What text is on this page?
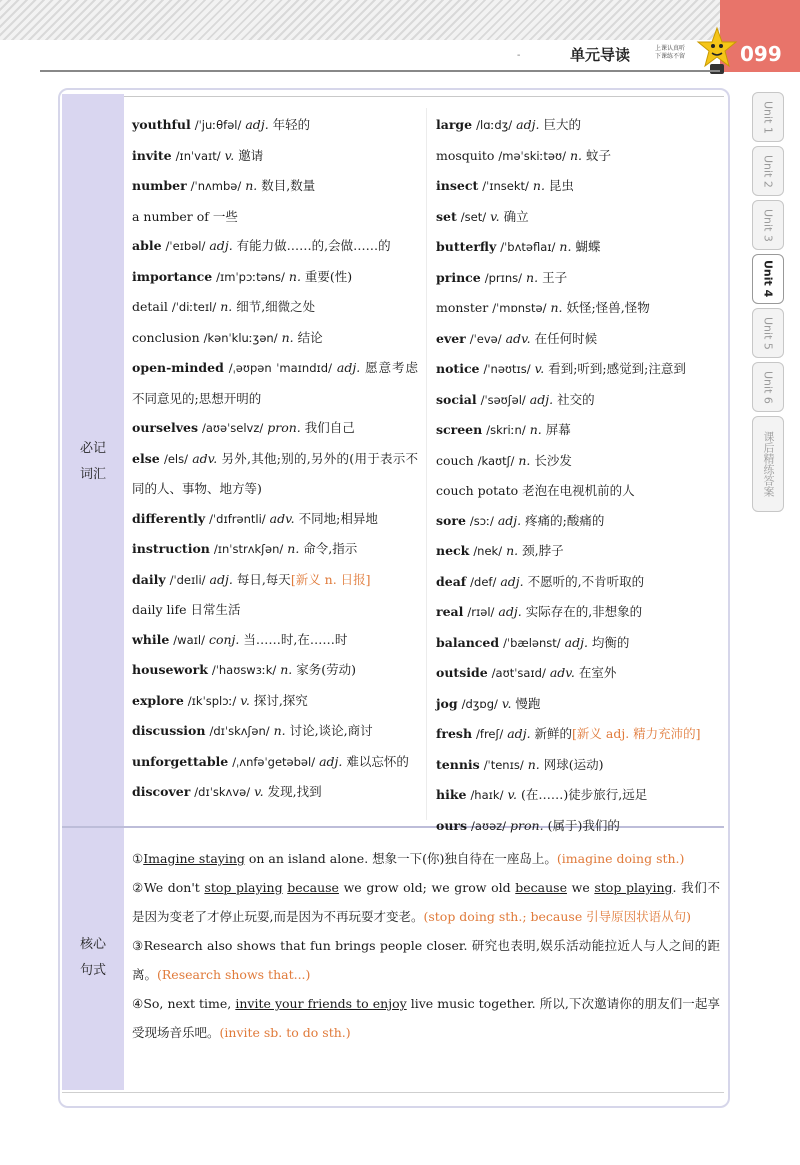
099
-	单元导读	上课认真听
下课练不留
Unit 1
Unit 2
Unit 3
Unit 4
Unit 5
Unit 6
课后精练答案
必记
词汇
核心
句式
youthful /ˈjuːθfəl/ adj. 年轻的
invite /ɪnˈvaɪt/ v. 邀请
number /ˈnʌmbə/ n. 数目,数量
a number of 一些
able /ˈeɪbəl/ adj. 有能力做……的,会做……的
importance /ɪmˈpɔːtəns/ n. 重要(性)
detail /ˈdiːteɪl/ n. 细节,细微之处
conclusion /kənˈkluːʒən/ n. 结论
open-minded /ˌəʊpən ˈmaɪndɪd/ adj. 愿意考虑不同意见的;思想开明的
ourselves /aʊəˈselvz/ pron. 我们自己
else /els/ adv. 另外,其他;别的,另外的(用于表示不同的人、事物、地方等)
differently /ˈdɪfrəntli/ adv. 不同地;相异地
instruction /ɪnˈstrʌkʃən/ n. 命令,指示
daily /ˈdeɪli/ adj. 每日,每天[新义 n. 日报]
daily life 日常生活
while /waɪl/ conj. 当……时,在……时
housework /ˈhaʊswɜːk/ n. 家务(劳动)
explore /ɪkˈsplɔː/ v. 探讨,探究
discussion /dɪˈskʌʃən/ n. 讨论,谈论,商讨
unforgettable /ˌʌnfəˈgetəbəl/ adj. 难以忘怀的
discover /dɪˈskʌvə/ v. 发现,找到
large /lɑːdʒ/ adj. 巨大的
mosquito /məˈskiːtəʊ/ n. 蚊子
insect /ˈɪnsekt/ n. 昆虫
set /set/ v. 确立
butterfly /ˈbʌtəflaɪ/ n. 蝴蝶
prince /prɪns/ n. 王子
monster /ˈmɒnstə/ n. 妖怪;怪兽,怪物
ever /ˈevə/ adv. 在任何时候
notice /ˈnəʊtɪs/ v. 看到;听到;感觉到;注意到
social /ˈsəʊʃəl/ adj. 社交的
screen /skriːn/ n. 屏幕
couch /kaʊtʃ/ n. 长沙发
couch potato 老泡在电视机前的人
sore /sɔː/ adj. 疼痛的;酸痛的
neck /nek/ n. 颈,脖子
deaf /def/ adj. 不愿听的,不肯听取的
real /rɪəl/ adj. 实际存在的,非想象的
balanced /ˈbælənst/ adj. 均衡的
outside /aʊtˈsaɪd/ adv. 在室外
jog /dʒɒg/ v. 慢跑
fresh /freʃ/ adj. 新鲜的[新义 adj. 精力充沛的]
tennis /ˈtenɪs/ n. 网球(运动)
hike /haɪk/ v. (在……)徒步旅行,远足
ours /aʊəz/ pron. (属于)我们的
①Imagine staying on an island alone. 想象一下(你)独自待在一座岛上。(imagine doing sth.)
②We don't stop playing because we grow old; we grow old because we stop playing. 我们不是因为变老了才停止玩耍,而是因为不再玩耍才变老。(stop doing sth.; because 引导原因状语从句)
③Research also shows that fun brings people closer. 研究也表明,娱乐活动能拉近人与人之间的距离。(Research shows that...)
④So, next time, invite your friends to enjoy live music together. 所以,下次邀请你的朋友们一起享受现场音乐吧。(invite sb. to do sth.)
